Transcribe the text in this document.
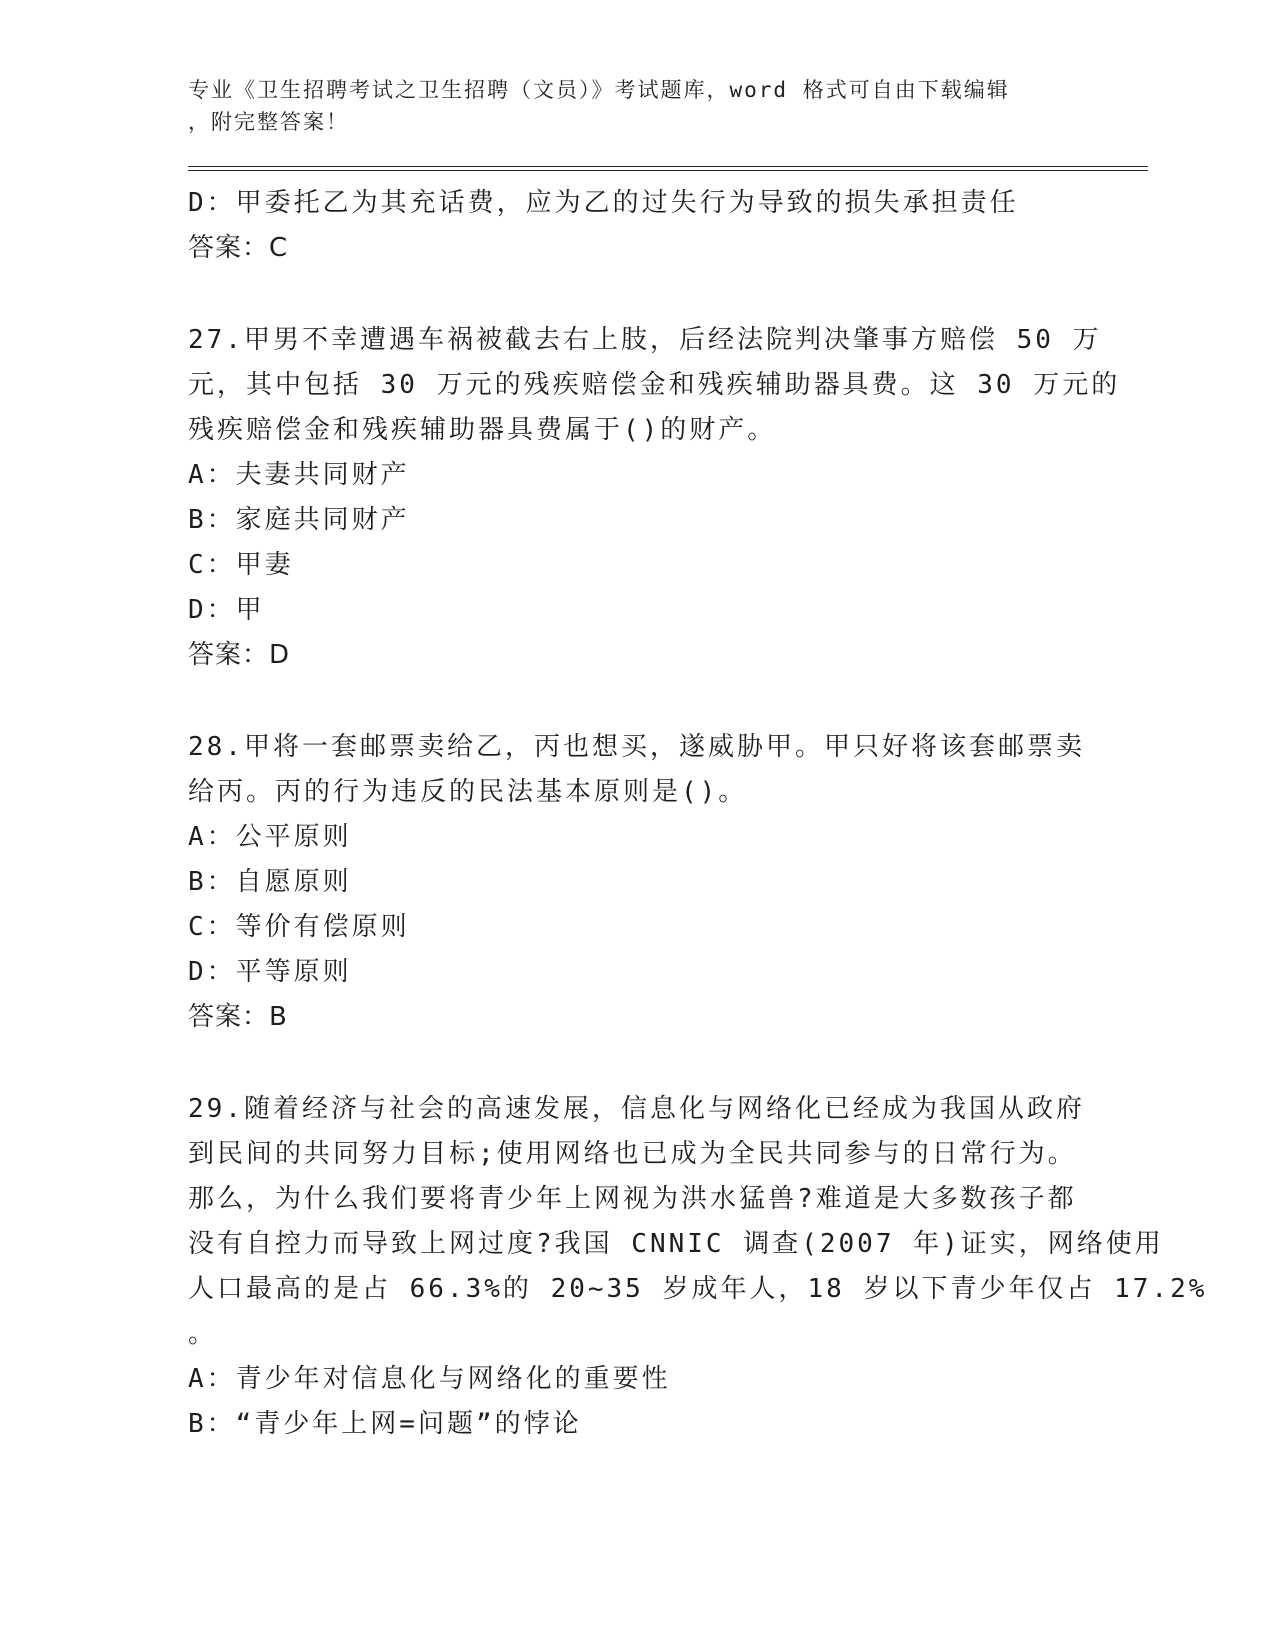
专业《卫生招聘考试之卫生招聘（文员）》考试题库，word 格式可自由下载编辑
，附完整答案！
D：甲委托乙为其充话费，应为乙的过失行为导致的损失承担责任
答案：C
27.甲男不幸遭遇车祸被截去右上肢，后经法院判决肇事方赔偿 50 万
元，其中包括 30 万元的残疾赔偿金和残疾辅助器具费。这 30 万元的
残疾赔偿金和残疾辅助器具费属于()的财产。
A：夫妻共同财产
B：家庭共同财产
C：甲妻
D：甲
答案：D
28.甲将一套邮票卖给乙，丙也想买，遂威胁甲。甲只好将该套邮票卖
给丙。丙的行为违反的民法基本原则是()。
A：公平原则
B：自愿原则
C：等价有偿原则
D：平等原则
答案：B
29.随着经济与社会的高速发展，信息化与网络化已经成为我国从政府
到民间的共同努力目标;使用网络也已成为全民共同参与的日常行为。
那么，为什么我们要将青少年上网视为洪水猛兽?难道是大多数孩子都
没有自控力而导致上网过度?我国 CNNIC 调查(2007 年)证实，网络使用
人口最高的是占 66.3%的 20~35 岁成年人，18 岁以下青少年仅占 17.2%
。
A：青少年对信息化与网络化的重要性
B：“青少年上网=问题”的悖论
